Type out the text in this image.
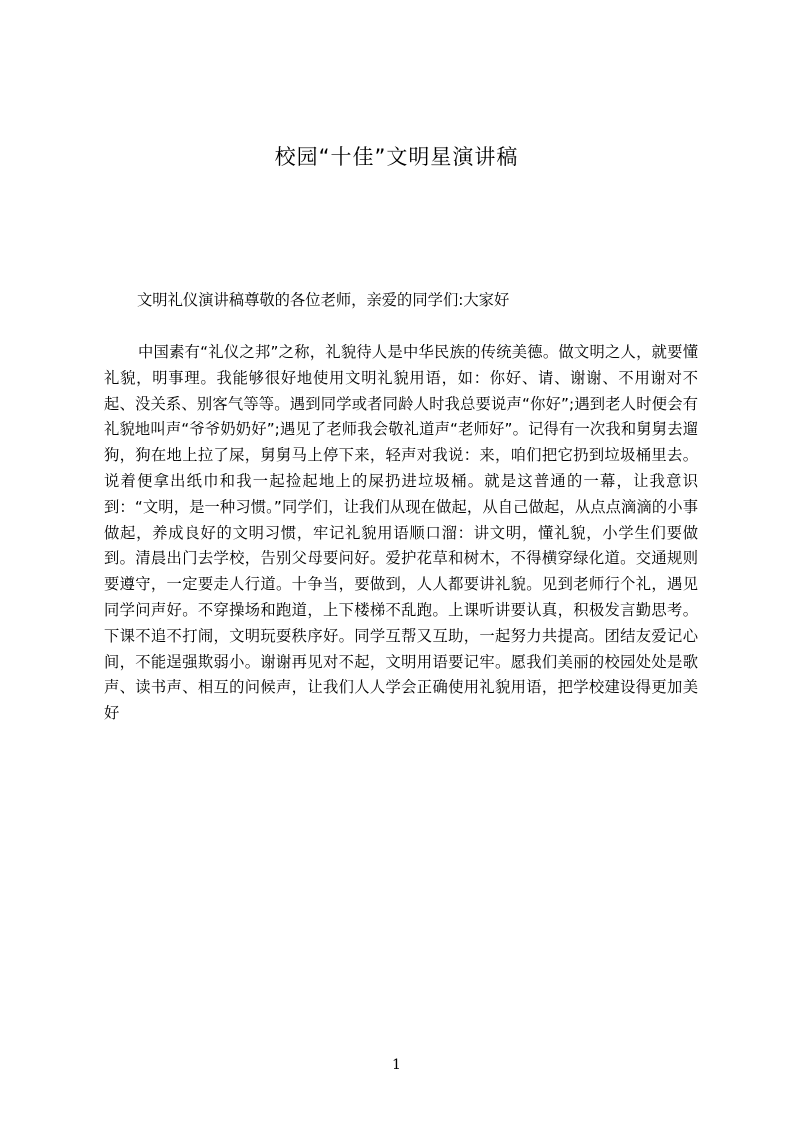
校园“十佳”文明星演讲稿

文明礼仪演讲稿尊敬的各位老师，亲爱的同学们:大家好

中国素有“礼仪之邦”之称，礼貌待人是中华民族的传统美德。做文明之人，就要懂礼貌，明事理。我能够很好地使用文明礼貌用语，如：你好、请、谢谢、不用谢对不起、没关系、别客气等等。遇到同学或者同龄人时我总要说声“你好”;遇到老人时便会有礼貌地叫声“爷爷奶奶好”;遇见了老师我会敬礼道声“老师好”。记得有一次我和舅舅去遛狗，狗在地上拉了屎，舅舅马上停下来，轻声对我说：来，咱们把它扔到垃圾桶里去。说着便拿出纸巾和我一起捡起地上的屎扔进垃圾桶。就是这普通的一幕，让我意识到：“文明，是一种习惯。”同学们，让我们从现在做起，从自己做起，从点点滴滴的小事做起，养成良好的文明习惯，牢记礼貌用语顺口溜：讲文明，懂礼貌，小学生们要做到。清晨出门去学校，告别父母要问好。爱护花草和树木，不得横穿绿化道。交通规则要遵守，一定要走人行道。十争当，要做到，人人都要讲礼貌。见到老师行个礼，遇见同学问声好。不穿操场和跑道，上下楼梯不乱跑。上课听讲要认真，积极发言勤思考。下课不追不打闹，文明玩耍秩序好。同学互帮又互助，一起努力共提高。团结友爱记心间，不能逞强欺弱小。谢谢再见对不起，文明用语要记牢。愿我们美丽的校园处处是歌声、读书声、相互的问候声，让我们人人学会正确使用礼貌用语，把学校建设得更加美好

1
